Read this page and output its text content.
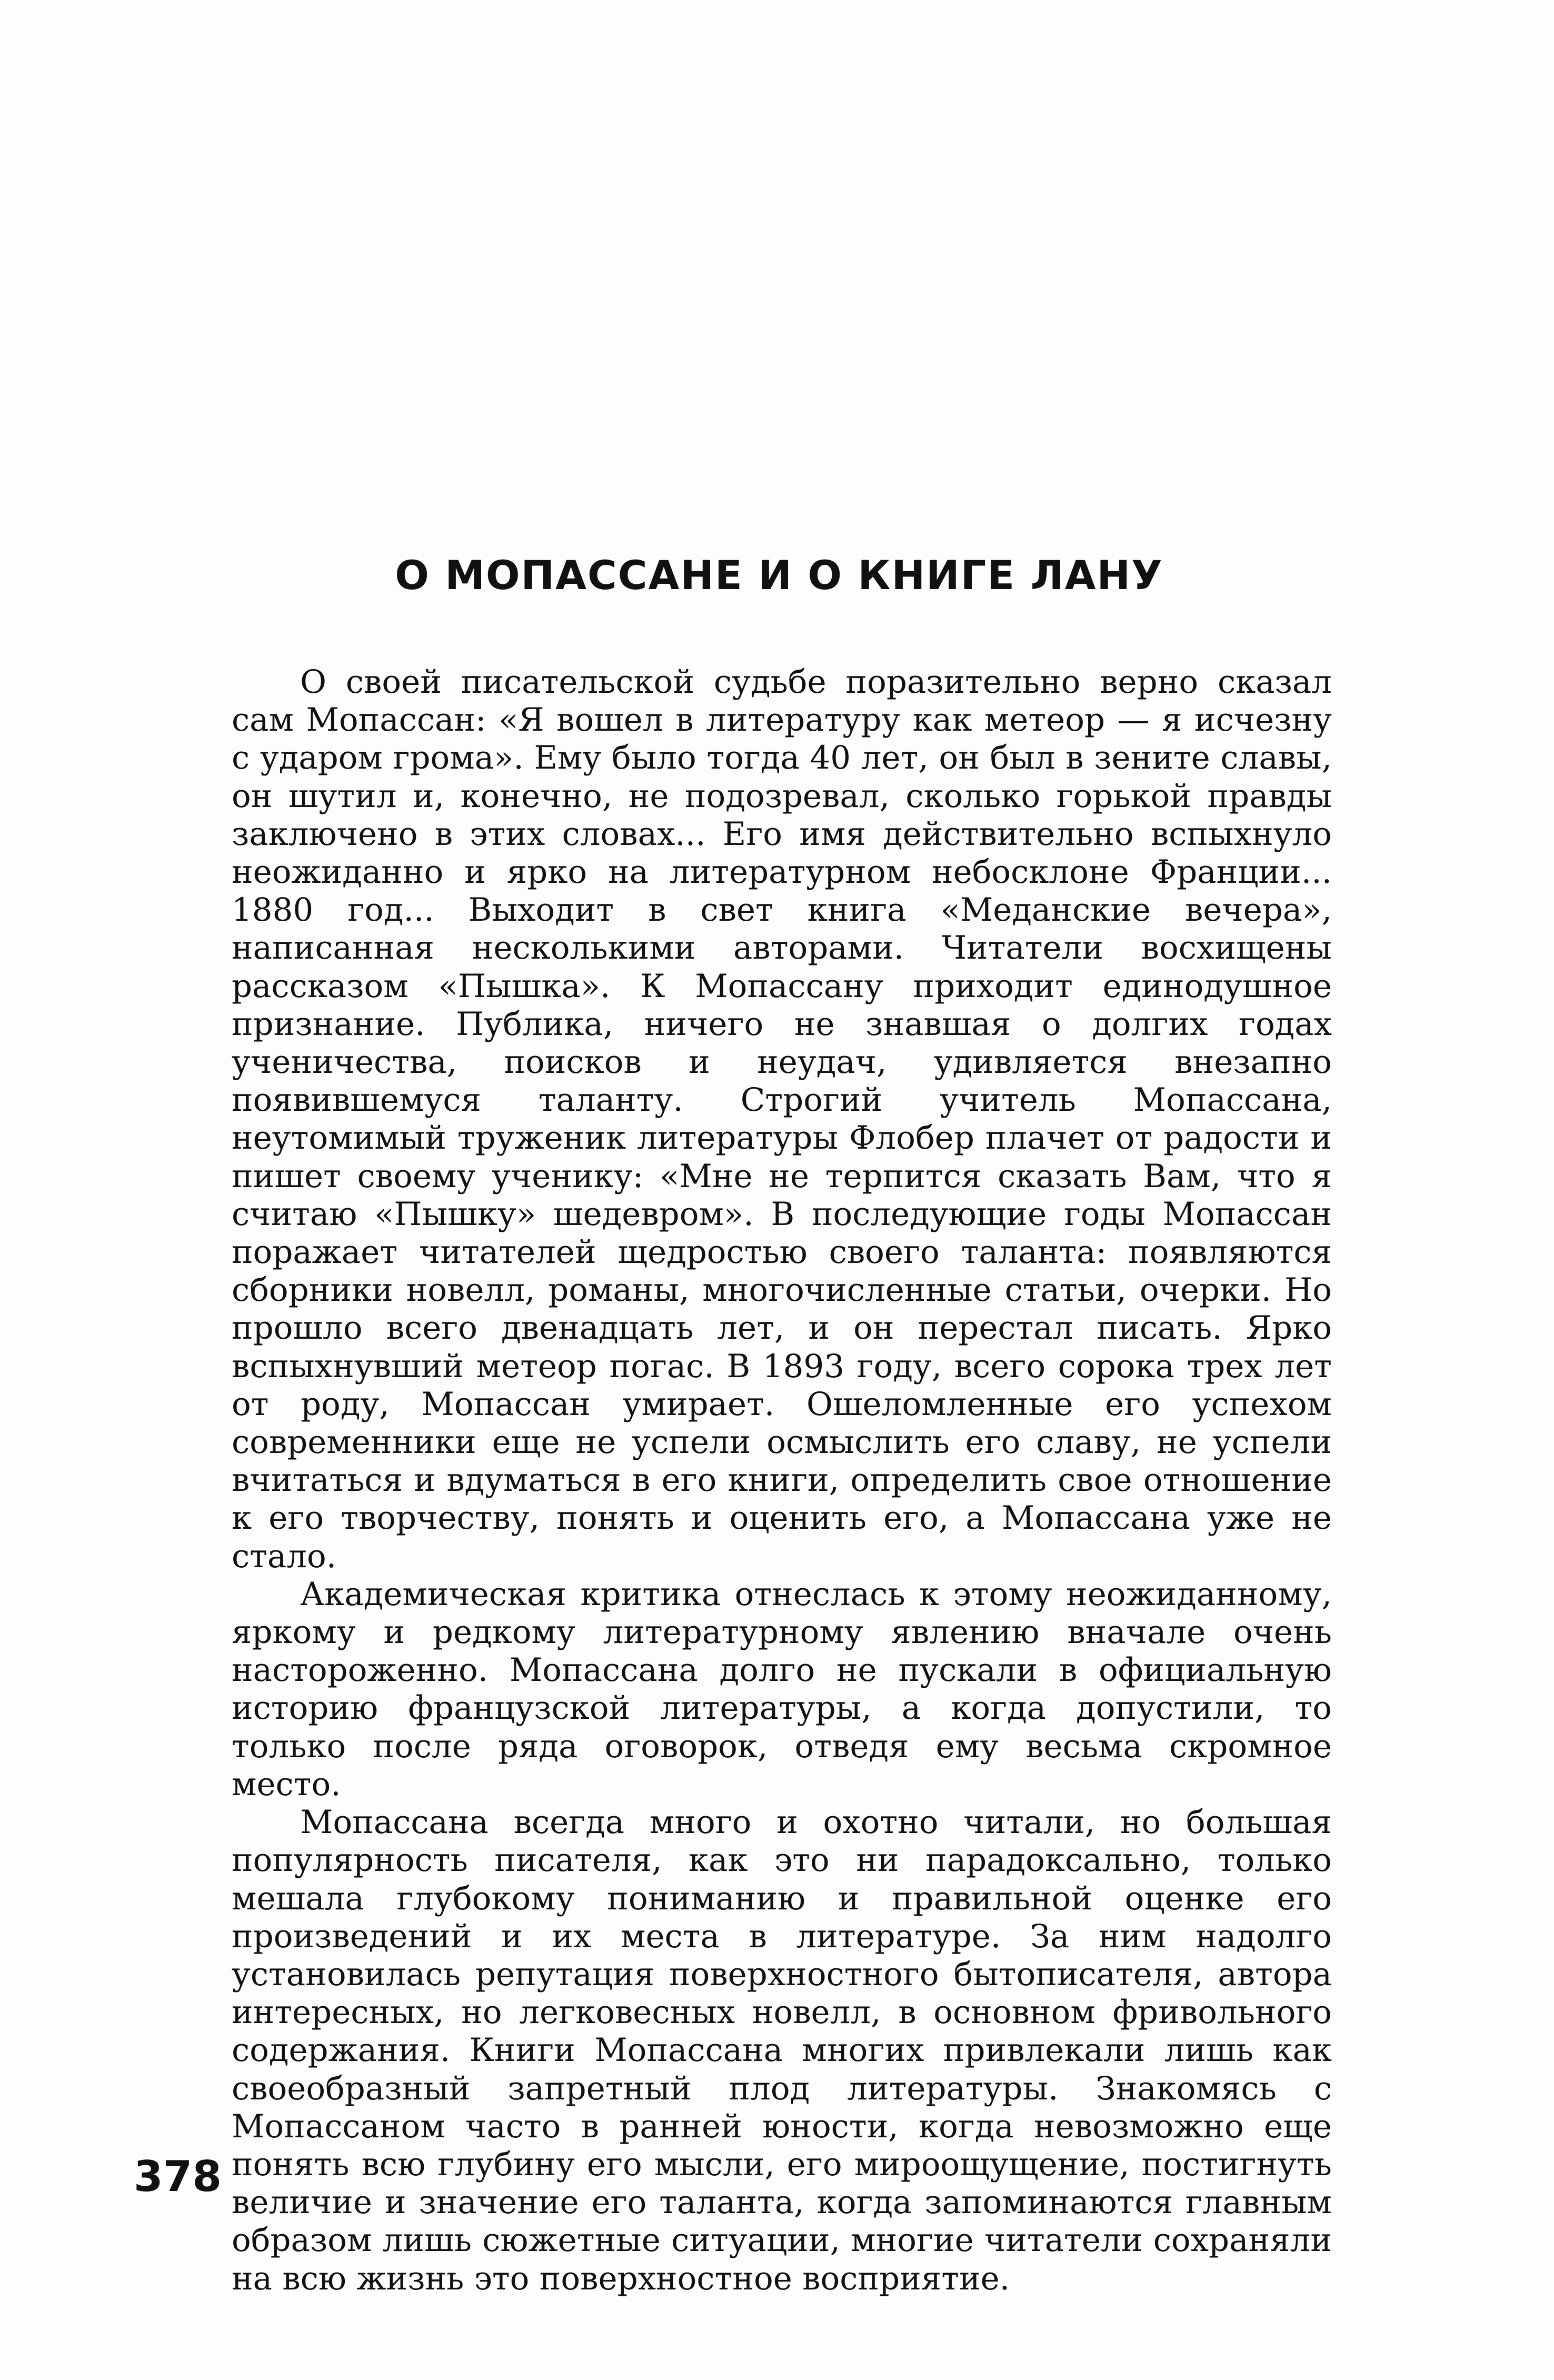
О МОПАССАНЕ И О КНИГЕ ЛАНУ

О своей писательской судьбе поразительно верно сказал сам Мопассан: «Я вошел в литературу как метеор — я исчезну с ударом грома». Ему было тогда 40 лет, он был в зените славы, он шутил и, конечно, не подозревал, сколько горькой правды заключено в этих словах... Его имя действительно вспыхнуло неожиданно и ярко на литературном небосклоне Франции... 1880 год... Выходит в свет книга «Меданские вечера», написанная несколькими авторами. Читатели восхищены рассказом «Пышка». К Мопассану приходит единодушное признание. Публика, ничего не знавшая о долгих годах ученичества, поисков и неудач, удивляется внезапно появившемуся таланту. Строгий учитель Мопассана, неутомимый труженик литературы Флобер плачет от радости и пишет своему ученику: «Мне не терпится сказать Вам, что я считаю «Пышку» шедевром». В последующие годы Мопассан поражает читателей щедростью своего таланта: появляются сборники новелл, романы, многочисленные статьи, очерки. Но прошло всего двенадцать лет, и он перестал писать. Ярко вспыхнувший метеор погас. В 1893 году, всего сорока трех лет от роду, Мопассан умирает. Ошеломленные его успехом современники еще не успели осмыслить его славу, не успели вчитаться и вдуматься в его книги, определить свое отношение к его творчеству, понять и оценить его, а Мопассана уже не стало.

Академическая критика отнеслась к этому неожиданному, яркому и редкому литературному явлению вначале очень настороженно. Мопассана долго не пускали в официальную историю французской литературы, а когда допустили, то только после ряда оговорок, отведя ему весьма скромное место.

Мопассана всегда много и охотно читали, но большая популярность писателя, как это ни парадоксально, только мешала глубокому пониманию и правильной оценке его произведений и их места в литературе. За ним надолго установилась репутация поверхностного бытописателя, автора интересных, но легковесных новелл, в основном фривольного содержания. Книги Мопассана многих привлекали лишь как своеобразный запретный плод литературы. Знакомясь с Мопассаном часто в ранней юности, когда невозможно еще понять всю глубину его мысли, его мироощущение, постигнуть величие и значение его таланта, когда запоминаются главным образом лишь сюжетные ситуации, многие читатели сохраняли на всю жизнь это поверхностное восприятие.

378
